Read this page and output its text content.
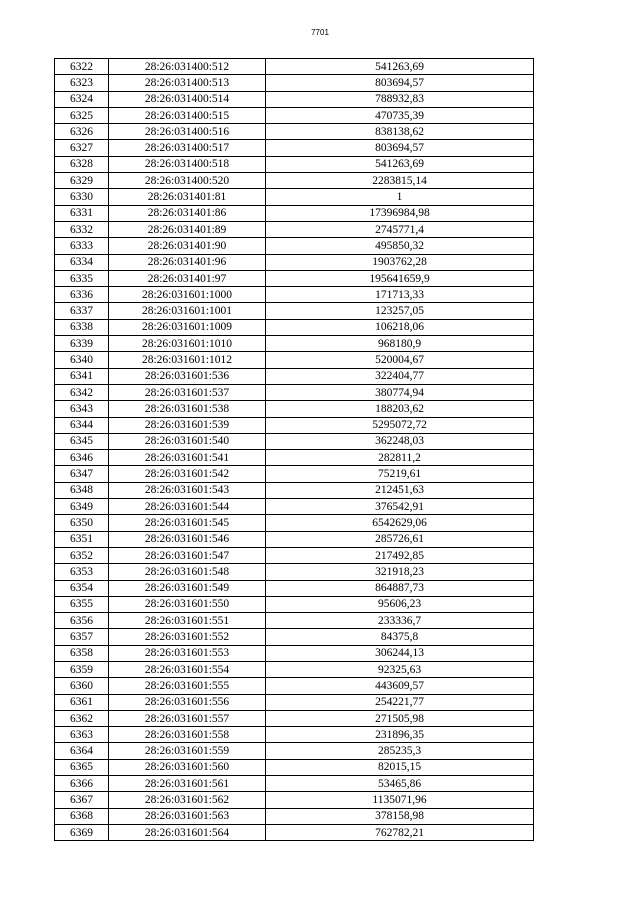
7701
6322	28:26:031400:512	541263,69
6323	28:26:031400:513	803694,57
6324	28:26:031400:514	788932,83
6325	28:26:031400:515	470735,39
6326	28:26:031400:516	838138,62
6327	28:26:031400:517	803694,57
6328	28:26:031400:518	541263,69
6329	28:26:031400:520	2283815,14
6330	28:26:031401:81	1
6331	28:26:031401:86	17396984,98
6332	28:26:031401:89	2745771,4
6333	28:26:031401:90	495850,32
6334	28:26:031401:96	1903762,28
6335	28:26:031401:97	195641659,9
6336	28:26:031601:1000	171713,33
6337	28:26:031601:1001	123257,05
6338	28:26:031601:1009	106218,06
6339	28:26:031601:1010	968180,9
6340	28:26:031601:1012	520004,67
6341	28:26:031601:536	322404,77
6342	28:26:031601:537	380774,94
6343	28:26:031601:538	188203,62
6344	28:26:031601:539	5295072,72
6345	28:26:031601:540	362248,03
6346	28:26:031601:541	282811,2
6347	28:26:031601:542	75219,61
6348	28:26:031601:543	212451,63
6349	28:26:031601:544	376542,91
6350	28:26:031601:545	6542629,06
6351	28:26:031601:546	285726,61
6352	28:26:031601:547	217492,85
6353	28:26:031601:548	321918,23
6354	28:26:031601:549	864887,73
6355	28:26:031601:550	95606,23
6356	28:26:031601:551	233336,7
6357	28:26:031601:552	84375,8
6358	28:26:031601:553	306244,13
6359	28:26:031601:554	92325,63
6360	28:26:031601:555	443609,57
6361	28:26:031601:556	254221,77
6362	28:26:031601:557	271505,98
6363	28:26:031601:558	231896,35
6364	28:26:031601:559	285235,3
6365	28:26:031601:560	82015,15
6366	28:26:031601:561	53465,86
6367	28:26:031601:562	1135071,96
6368	28:26:031601:563	378158,98
6369	28:26:031601:564	762782,21
